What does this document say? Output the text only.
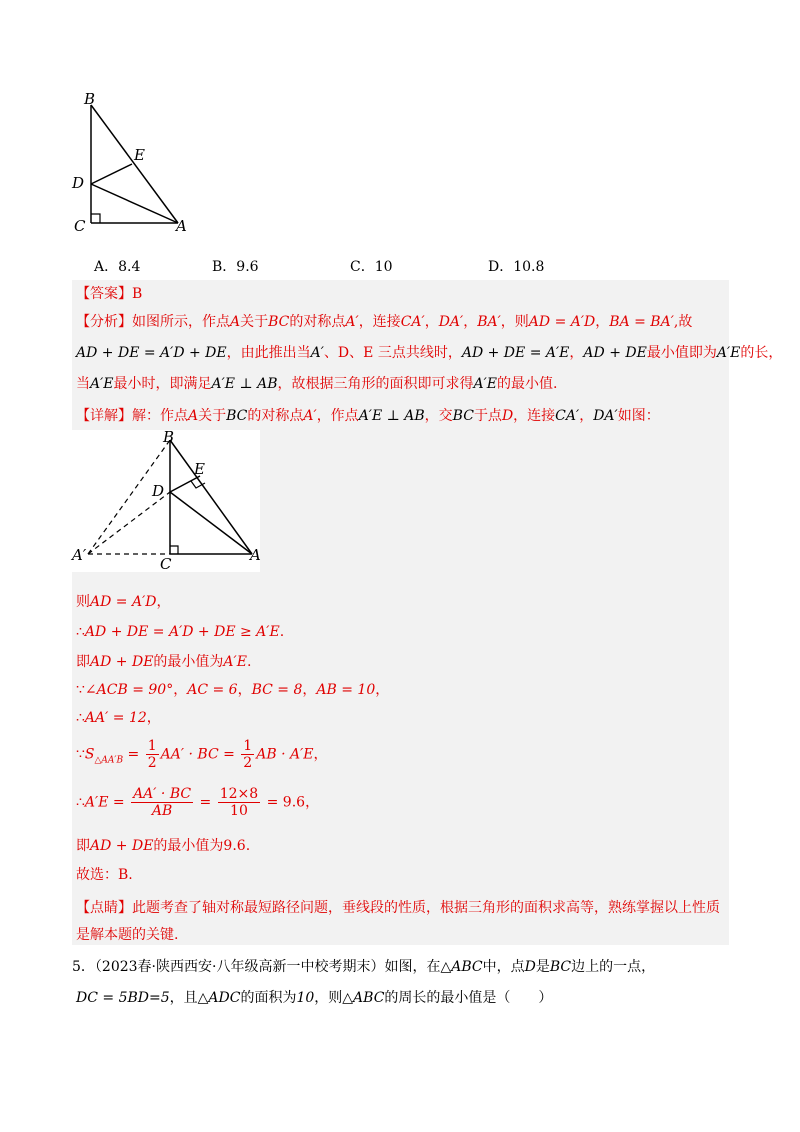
B
E
D
C	A
A．8.4	B．9.6	C．10	D．10.8
【答案】B
【分析】如图所示，作点A关于BC的对称点A′，连接CA′，DA′，BA′，则AD = A′D，BA = BA′,故
AD + DE = A′D + DE，由此推出当A′、D、E 三点共线时，AD + DE = A′E，AD + DE最小值即为A′E的长，
当A′E最小时，即满足A′E ⊥ AB，故根据三角形的面积即可求得A′E的最小值.
【详解】解：作点A关于BC的对称点A′，作点A′E ⊥ AB，交BC于点D，连接CA′，DA′如图：
B
E
D
A′	C	A
则AD = A′D，
∴AD + DE = A′D + DE ≥ A′E.
即AD + DE的最小值为A′E.
∵∠ACB = 90°，AC = 6，BC = 8，AB = 10，
∴AA′ = 12，
$\because S_{\triangle AA'B} = \frac{1}{2} AA'$ · BC = $\frac{1}{2}$ AB · A′E，
∴A′E = $\frac{AA' \cdot BC}{AB} = \frac{12\times 8}{10} = 9.6$，
即AD + DE的最小值为9.6.
故选：B.
【点睛】此题考查了轴对称最短路径问题，垂线段的性质，根据三角形的面积求高等，熟练掌握以上性质
是解本题的关键.
5．（2023春·陕西西安·八年级高新一中校考期末）如图，在△ABC中，点D是BC边上的一点，
DC = 5BD=5，且△ADC的面积为10，则△ABC的周长的最小值是（　　）
